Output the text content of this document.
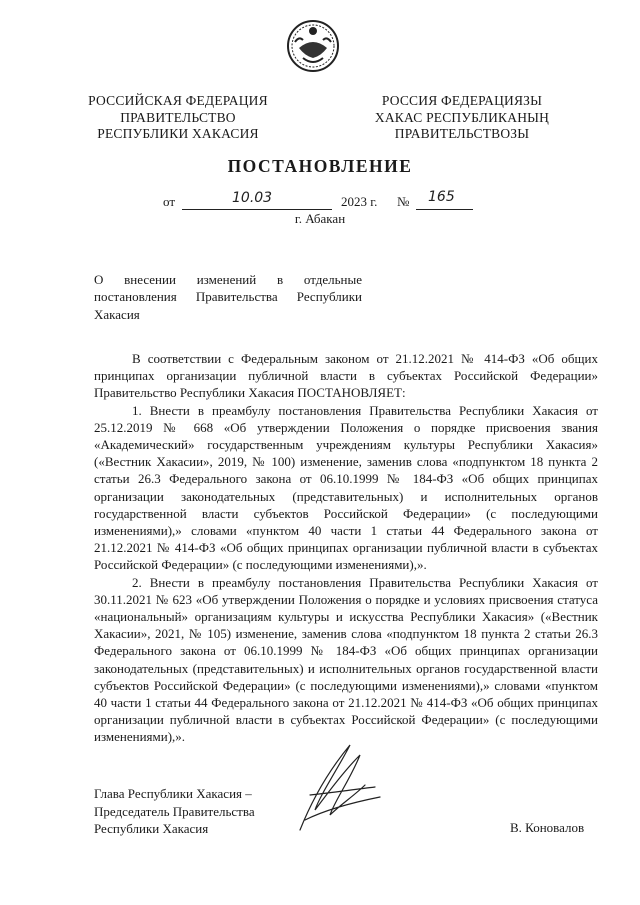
РОССИЙСКАЯ ФЕДЕРАЦИЯ
ПРАВИТЕЛЬСТВО
РЕСПУБЛИКИ ХАКАСИЯ
РОССИЯ ФЕДЕРАЦИЯЗЫ
ХАКАС РЕСПУБЛИКАНЫҢ
ПРАВИТЕЛЬСТВОЗЫ
ПОСТАНОВЛЕНИЕ
от	10.03	2023 г. № 165
г. Абакан

О внесении изменений в отдельные постановления Правительства Республики Хакасия

В соответствии с Федеральным законом от 21.12.2021 № 414-ФЗ «Об общих принципах организации публичной власти в субъектах Российской Федерации» Правительство Республики Хакасия ПОСТАНОВЛЯЕТ:

1. Внести в преамбулу постановления Правительства Республики Хакасия от 25.12.2019 № 668 «Об утверждении Положения о порядке присвоения звания «Академический» государственным учреждениям культуры Республики Хакасия» («Вестник Хакасии», 2019, № 100) изменение, заменив слова «подпунктом 18 пункта 2 статьи 26.3 Федерального закона от 06.10.1999 № 184-ФЗ «Об общих принципах организации законодательных (представительных) и исполнительных органов государственной власти субъектов Российской Федерации» (с последующими изменениями),» словами «пунктом 40 части 1 статьи 44 Федерального закона от 21.12.2021 № 414-ФЗ «Об общих принципах организации публичной власти в субъектах Российской Федерации» (с последующими изменениями),».

2. Внести в преамбулу постановления Правительства Республики Хакасия от 30.11.2021 № 623 «Об утверждении Положения о порядке и условиях присвоения статуса «национальный» организациям культуры и искусства Республики Хакасия» («Вестник Хакасии», 2021, № 105) изменение, заменив слова «подпунктом 18 пункта 2 статьи 26.3 Федерального закона от 06.10.1999 № 184-ФЗ «Об общих принципах организации законодательных (представительных) и исполнительных органов государственной власти субъектов Российской Федерации» (с последующими изменениями),» словами «пунктом 40 части 1 статьи 44 Федерального закона от 21.12.2021 № 414-ФЗ «Об общих принципах организации публичной власти в субъектах Российской Федерации» (с последующими изменениями),».

Глава Республики Хакасия –
Председатель Правительства
Республики Хакасия	В. Коновалов
